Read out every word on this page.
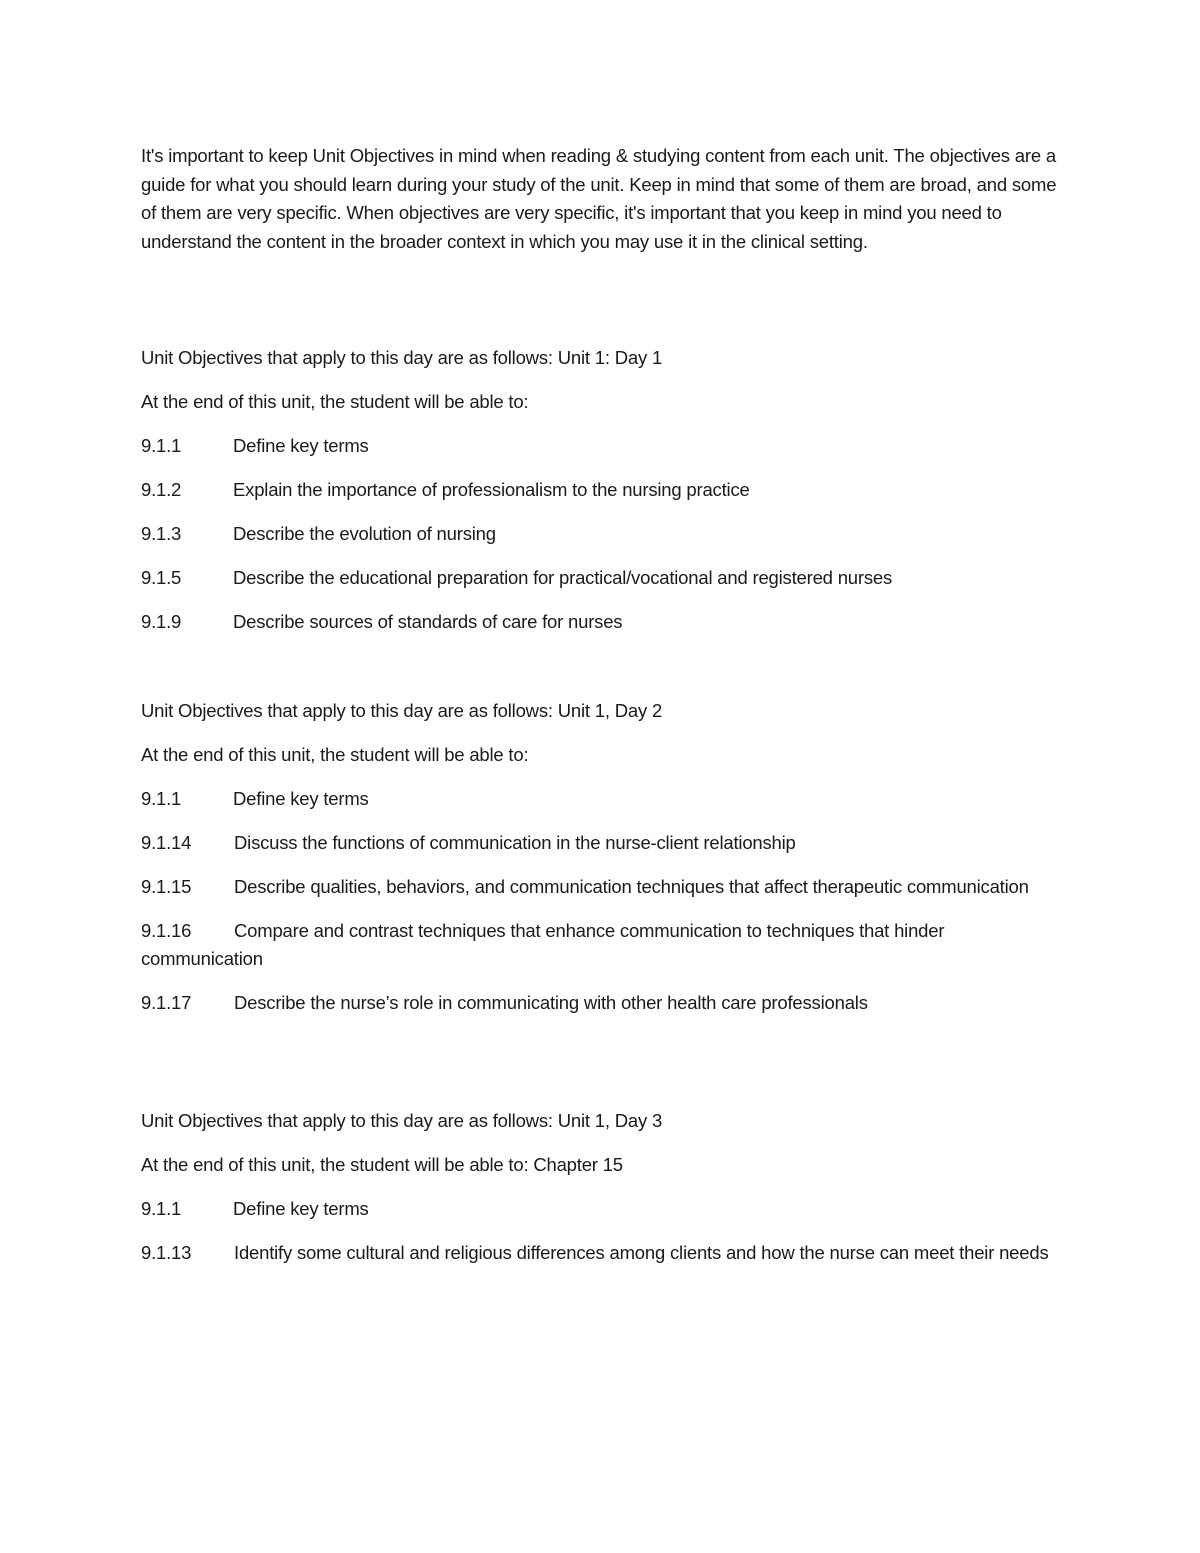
It's important to keep Unit Objectives in mind when reading & studying content from each unit. The objectives are a guide for what you should learn during your study of the unit. Keep in mind that some of them are broad, and some of them are very specific. When objectives are very specific, it's important that you keep in mind you need to understand the content in the broader context in which you may use it in the clinical setting.

Unit Objectives that apply to this day are as follows: Unit 1: Day 1

At the end of this unit, the student will be able to:

9.1.1	Define key terms
9.1.2	Explain the importance of professionalism to the nursing practice
9.1.3	Describe the evolution of nursing
9.1.5	Describe the educational preparation for practical/vocational and registered nurses
9.1.9	Describe sources of standards of care for nurses

Unit Objectives that apply to this day are as follows: Unit 1, Day 2

At the end of this unit, the student will be able to:

9.1.1	Define key terms
9.1.14	Discuss the functions of communication in the nurse-client relationship
9.1.15 Describe qualities, behaviors, and communication techniques that affect therapeutic communication
9.1.16 Compare and contrast techniques that enhance communication to techniques that hinder communication
9.1.17	Describe the nurse’s role in communicating with other health care professionals

Unit Objectives that apply to this day are as follows: Unit 1, Day 3

At the end of this unit, the student will be able to: Chapter 15

9.1.1	Define key terms
9.1.13 Identify some cultural and religious differences among clients and how the nurse can meet their needs
